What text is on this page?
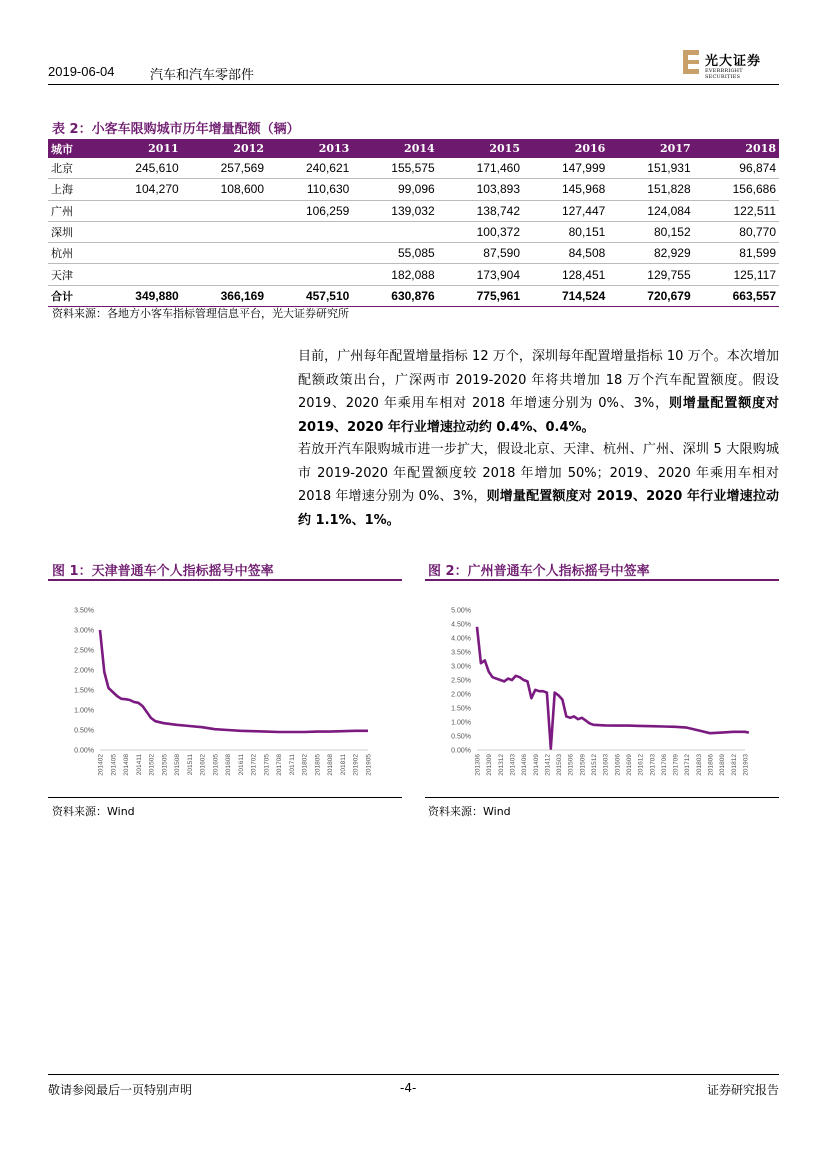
2019-06-04	汽车和汽车零部件
光大证券
EVERBRIGHT SECURITIES
表 2：小客车限购城市历年增量配额（辆）
城市	2011	2012	2013	2014	2015	2016	2017	2018
北京	245,610	257,569	240,621	155,575	171,460	147,999	151,931	96,874
上海	104,270	108,600	110,630	99,096	103,893	145,968	151,828	156,686
广州			106,259	139,032	138,742	127,447	124,084	122,511
深圳					100,372	80,151	80,152	80,770
杭州				55,085	87,590	84,508	82,929	81,599
天津				182,088	173,904	128,451	129,755	125,117
合计	349,880	366,169	457,510	630,876	775,961	714,524	720,679	663,557
资料来源：各地方小客车指标管理信息平台，光大证券研究所
目前，广州每年配置增量指标 12 万个，深圳每年配置增量指标 10 万个。本次增加配额政策出台，广深两市 2019-2020 年将共增加 18 万个汽车配置额度。假设 2019、2020 年乘用车相对 2018 年增速分别为 0%、3%，则增量配置额度对 2019、2020 年行业增速拉动约 0.4%、0.4%。
若放开汽车限购城市进一步扩大，假设北京、天津、杭州、广州、深圳 5 大限购城市 2019-2020 年配置额度较 2018 年增加 50%；2019、2020 年乘用车相对 2018 年增速分别为 0%、3%，则增量配置额度对 2019、2020 年行业增速拉动约 1.1%、1%。
图 1：天津普通车个人指标摇号中签率
0.00%
0.50%
1.00%
1.50%
2.00%
2.50%
3.00%
3.50%
201402 201405 201408 201411 201502 201505 201508 201511 201602 201605 201608 201611 201702 201705 201708 201711 201802 201805 201808 201811 201902 201905
资料来源：Wind
图 2：广州普通车个人指标摇号中签率
0.00%
0.50%
1.00%
1.50%
2.00%
2.50%
3.00%
3.50%
4.00%
4.50%
5.00%
201306 201309 201312 201403 201406 201409 201412 201503 201506 201509 201512 201603 201606 201609 201612 201703 201706 201709 201712 201803 201806 201809 201812 201903
资料来源：Wind
敬请参阅最后一页特别声明	-4-	证券研究报告
